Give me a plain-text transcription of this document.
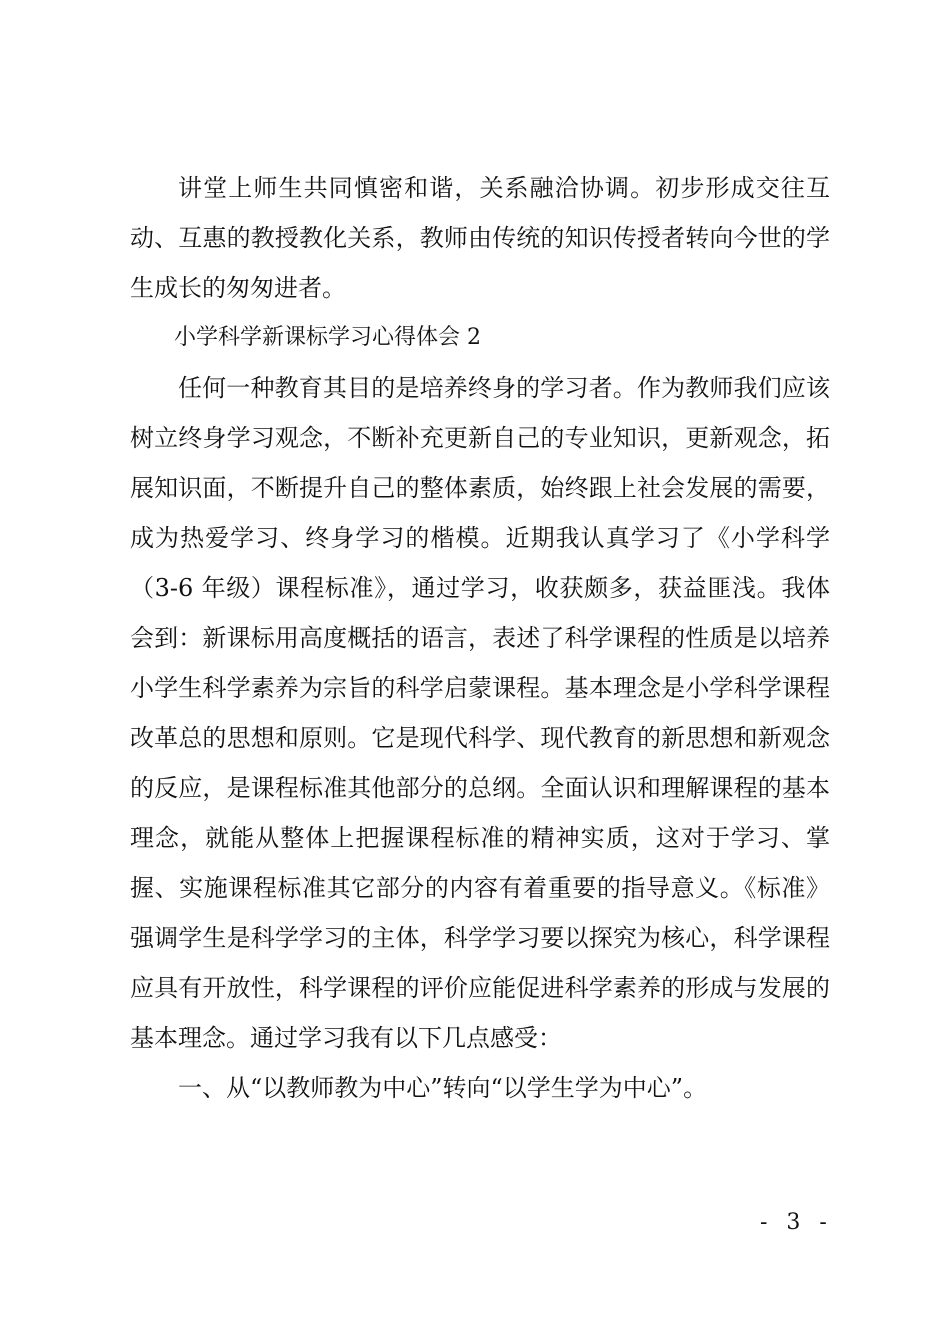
讲堂上师生共同慎密和谐，关系融洽协调。初步形成交往互动、互惠的教授教化关系，教师由传统的知识传授者转向今世的学生成长的匆匆进者。

小学科学新课标学习心得体会 2

任何一种教育其目的是培养终身的学习者。作为教师我们应该树立终身学习观念，不断补充更新自己的专业知识，更新观念，拓展知识面，不断提升自己的整体素质，始终跟上社会发展的需要，成为热爱学习、终身学习的楷模。近期我认真学习了《小学科学（3-6 年级）课程标准》，通过学习，收获颇多，获益匪浅。我体会到：新课标用高度概括的语言，表述了科学课程的性质是以培养小学生科学素养为宗旨的科学启蒙课程。基本理念是小学科学课程改革总的思想和原则。它是现代科学、现代教育的新思想和新观念的反应，是课程标准其他部分的总纲。全面认识和理解课程的基本理念，就能从整体上把握课程标准的精神实质，这对于学习、掌握、实施课程标准其它部分的内容有着重要的指导意义。《标准》强调学生是科学学习的主体，科学学习要以探究为核心，科学课程应具有开放性，科学课程的评价应能促进科学素养的形成与发展的基本理念。通过学习我有以下几点感受：

一、从“以教师教为中心”转向“以学生学为中心”。

- 3 -
